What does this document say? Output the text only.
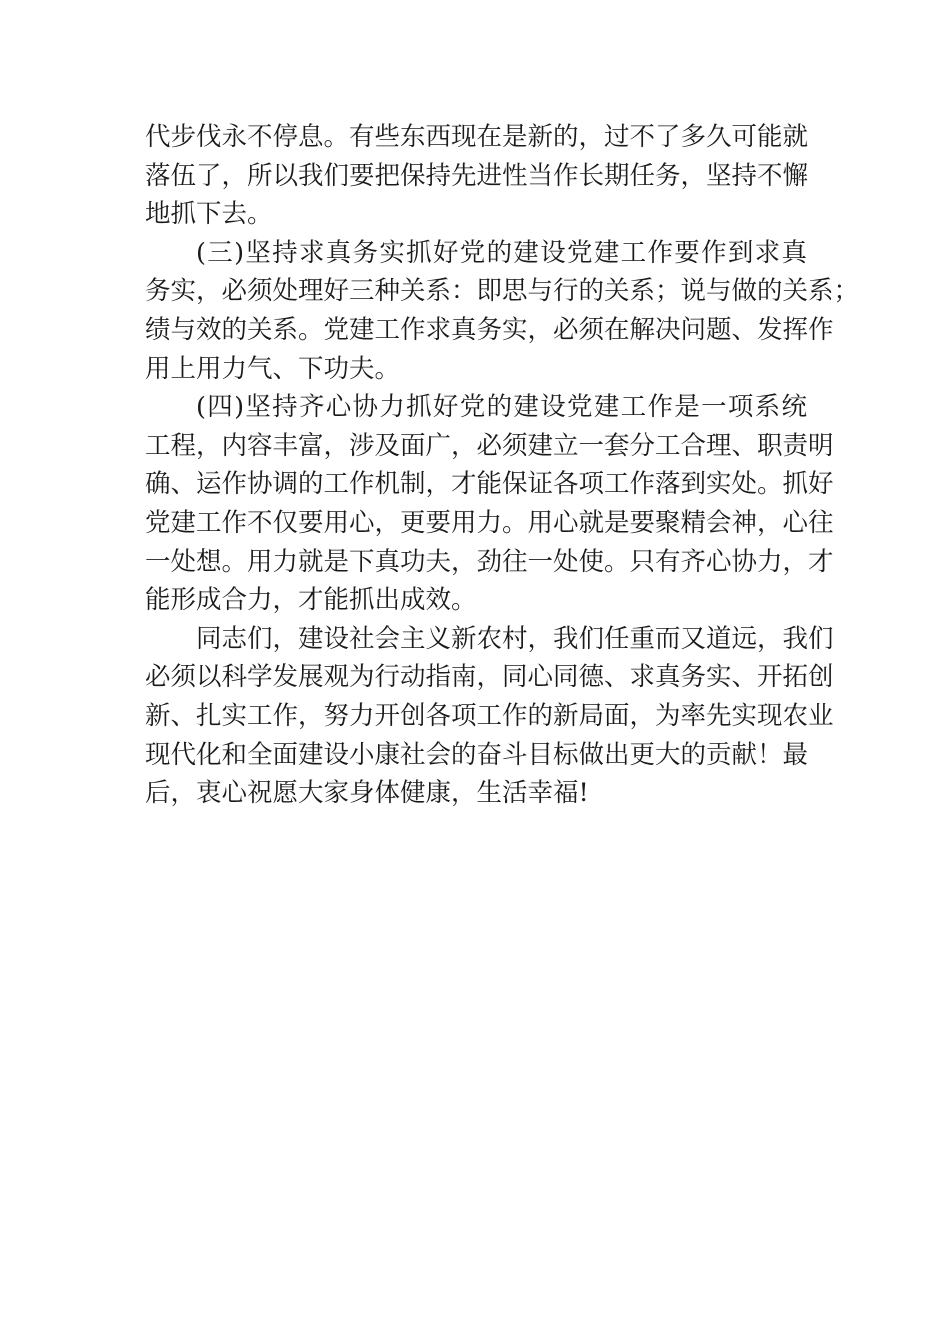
代步伐永不停息。有些东西现在是新的，过不了多久可能就
落伍了，所以我们要把保持先进性当作长期任务，坚持不懈
地抓下去。
(三)坚持求真务实抓好党的建设党建工作要作到求真
务实，必须处理好三种关系：即思与行的关系；说与做的关系；
绩与效的关系。党建工作求真务实，必须在解决问题、发挥作
用上用力气、下功夫。
(四)坚持齐心协力抓好党的建设党建工作是一项系统
工程，内容丰富，涉及面广，必须建立一套分工合理、职责明
确、运作协调的工作机制，才能保证各项工作落到实处。抓好
党建工作不仅要用心，更要用力。用心就是要聚精会神，心往
一处想。用力就是下真功夫，劲往一处使。只有齐心协力，才
能形成合力，才能抓出成效。
同志们，建设社会主义新农村，我们任重而又道远，我们
必须以科学发展观为行动指南，同心同德、求真务实、开拓创
新、扎实工作，努力开创各项工作的新局面，为率先实现农业
现代化和全面建设小康社会的奋斗目标做出更大的贡献！最
后，衷心祝愿大家身体健康，生活幸福!
